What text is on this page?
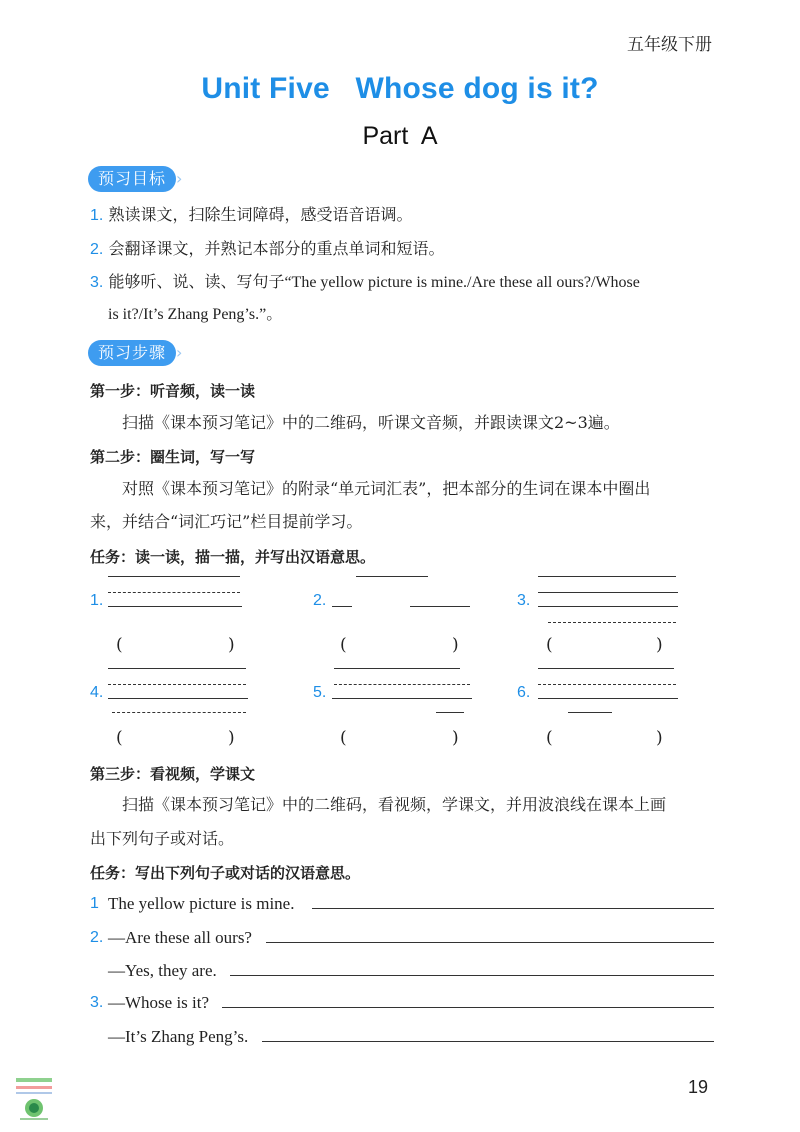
五年级下册
Unit Five   Whose dog is it?
Part  A
预习目标 ›
1. 熟读课文，扫除生词障碍，感受语音语调。
2. 会翻译课文，并熟记本部分的重点单词和短语。
3. 能够听、说、读、写句子“The yellow picture is mine./Are these all ours?/Whose
is it?/It’s Zhang Peng’s.”。
预习步骤 ›
第一步：听音频，读一读
扫描《课本预习笔记》中的二维码，听课文音频，并跟读课文2~3遍。
第二步：圈生词，写一写
对照《课本预习笔记》的附录“单元词汇表”，把本部分的生词在课本中圈出
来，并结合“词汇巧记”栏目提前学习。
任务：读一读，描一描，并写出汉语意思。
1.
(	)
2.
(	)
3.
(	)
4.
(	)
5.
(	)
6.
(	)
第三步：看视频，学课文
扫描《课本预习笔记》中的二维码，看视频，学课文，并用波浪线在课本上画
出下列句子或对话。
任务：写出下列句子或对话的汉语意思。
1 The yellow picture is mine.
2. —Are these all ours?
—Yes, they are.
3. —Whose is it?
—It’s Zhang Peng’s.
19
